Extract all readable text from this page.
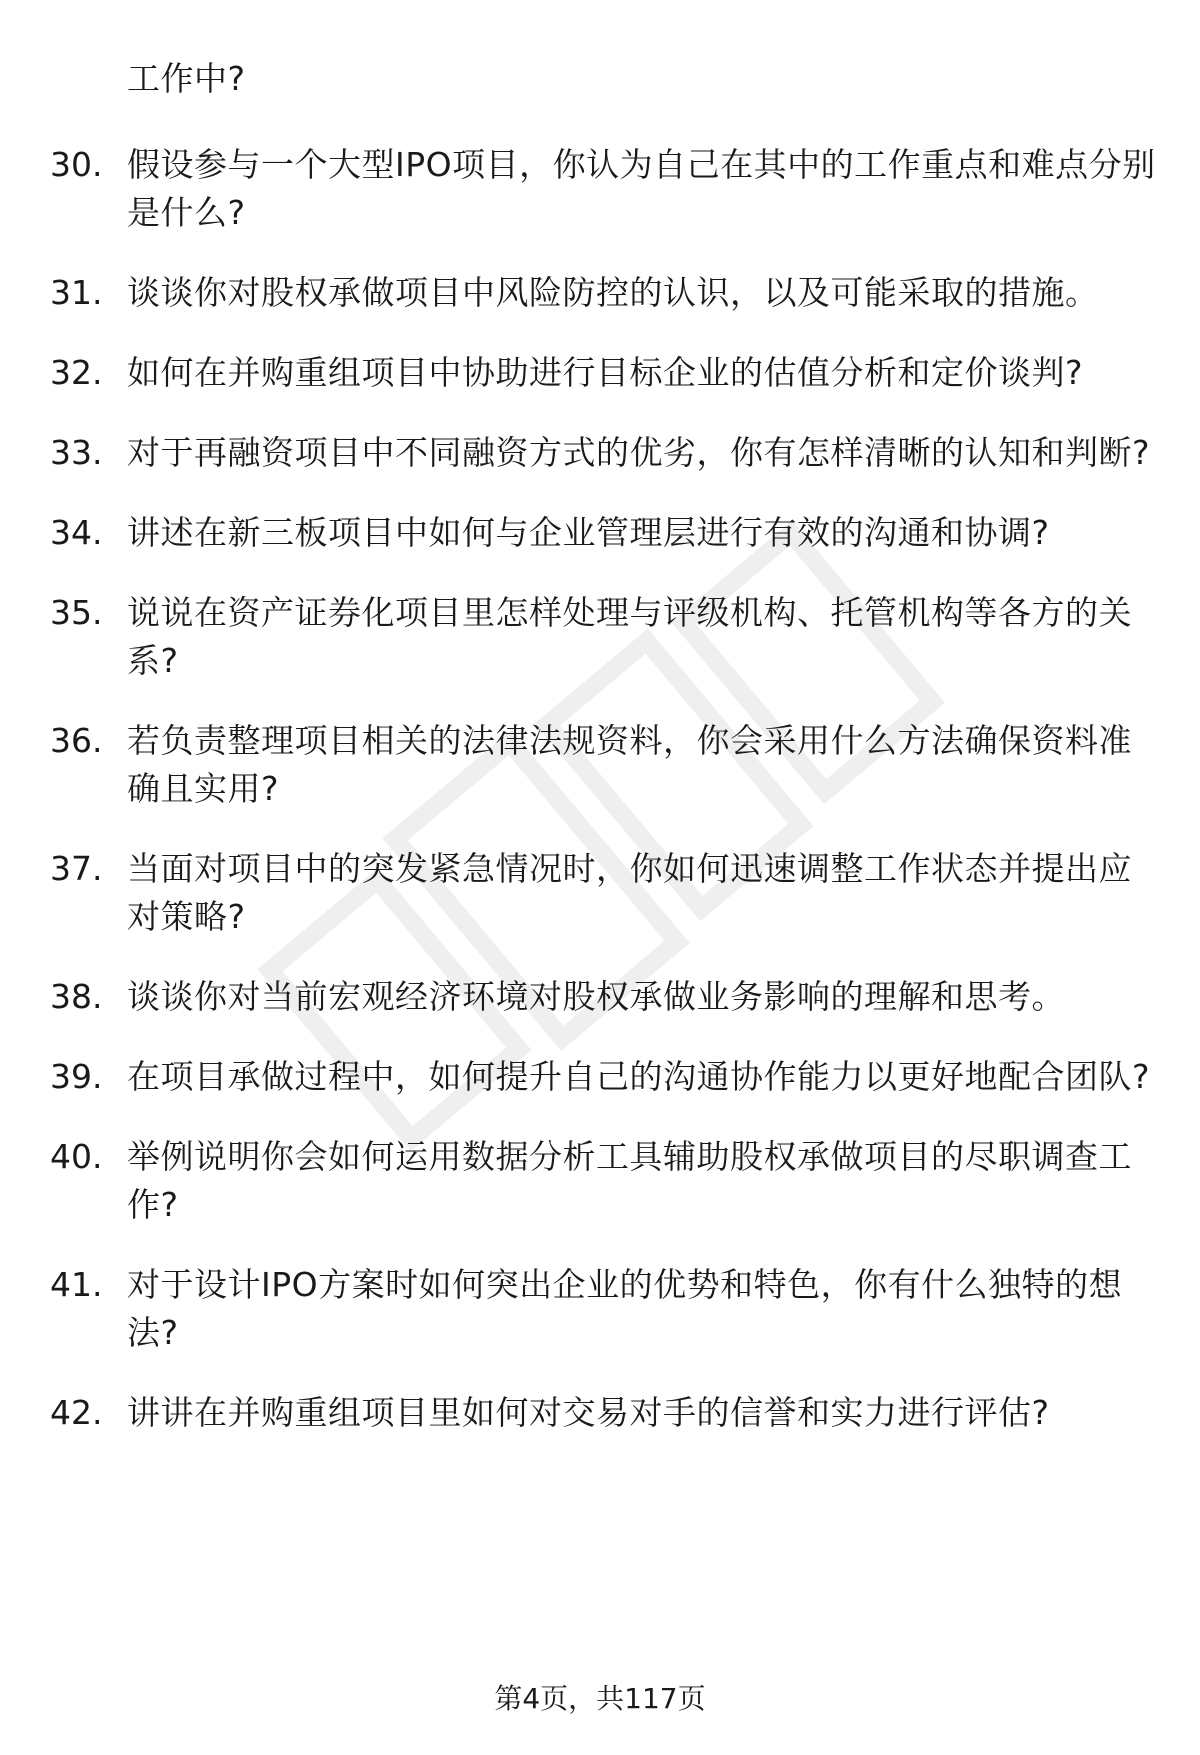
工作中?
30. 假设参与一个大型IPO项目，你认为自己在其中的工作重点和难点分别是什么?
31. 谈谈你对股权承做项目中风险防控的认识，以及可能采取的措施。
32. 如何在并购重组项目中协助进行目标企业的估值分析和定价谈判?
33. 对于再融资项目中不同融资方式的优劣，你有怎样清晰的认知和判断?
34. 讲述在新三板项目中如何与企业管理层进行有效的沟通和协调?
35. 说说在资产证券化项目里怎样处理与评级机构、托管机构等各方的关系?
36. 若负责整理项目相关的法律法规资料，你会采用什么方法确保资料准确且实用?
37. 当面对项目中的突发紧急情况时，你如何迅速调整工作状态并提出应对策略?
38. 谈谈你对当前宏观经济环境对股权承做业务影响的理解和思考。
39. 在项目承做过程中，如何提升自己的沟通协作能力以更好地配合团队?
40. 举例说明你会如何运用数据分析工具辅助股权承做项目的尽职调查工作?
41. 对于设计IPO方案时如何突出企业的优势和特色，你有什么独特的想法?
42. 讲讲在并购重组项目里如何对交易对手的信誉和实力进行评估?
第4页，共117页
